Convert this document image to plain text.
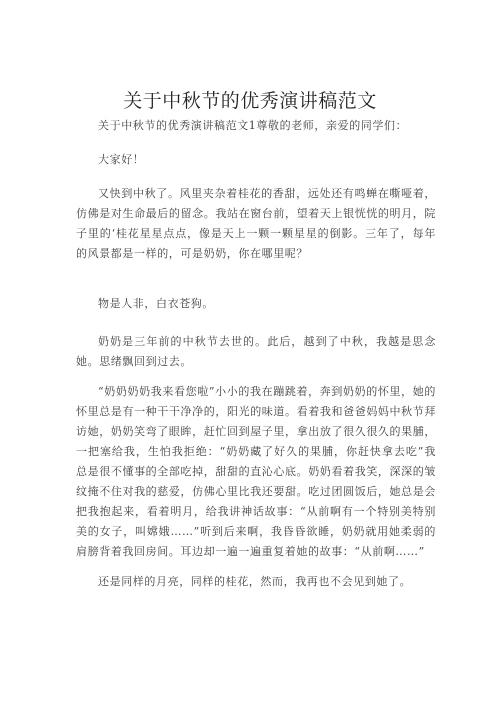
关于中秋节的优秀演讲稿范文
关于中秋节的优秀演讲稿范文1尊敬的老师，亲爱的同学们：
大家好！
又快到中秋了。风里夹杂着桂花的香甜，远处还有鸣蝉在嘶哑着，仿佛是对生命最后的留念。我站在窗台前，望着天上银恍恍的明月，院子里的‘桂花星星点点，像是天上一颗一颗星星的倒影。三年了，每年的风景都是一样的，可是奶奶，你在哪里呢？
物是人非，白衣苍狗。
奶奶是三年前的中秋节去世的。此后，越到了中秋，我越是思念她。思绪飘回到过去。
“奶奶奶奶我来看您啦”小小的我在蹦跳着，奔到奶奶的怀里，她的怀里总是有一种干干净净的，阳光的味道。看着我和爸爸妈妈中秋节拜访她，奶奶笑弯了眼眸，赶忙回到屋子里，拿出放了很久很久的果脯，一把塞给我，生怕我拒绝：“奶奶藏了好久的果脯，你赶快拿去吃”我总是很不懂事的全部吃掉，甜甜的直沁心底。奶奶看着我笑，深深的皱纹掩不住对我的慈爱，仿佛心里比我还要甜。吃过团圆饭后，她总是会把我抱起来，看着明月，给我讲神话故事：“从前啊有一个特别美特别美的女子，叫嫦娥……”听到后来啊，我昏昏欲睡，奶奶就用她柔弱的肩膀背着我回房间。耳边却一遍一遍重复着她的故事：“从前啊……”
还是同样的月亮，同样的桂花，然而，我再也不会见到她了。
